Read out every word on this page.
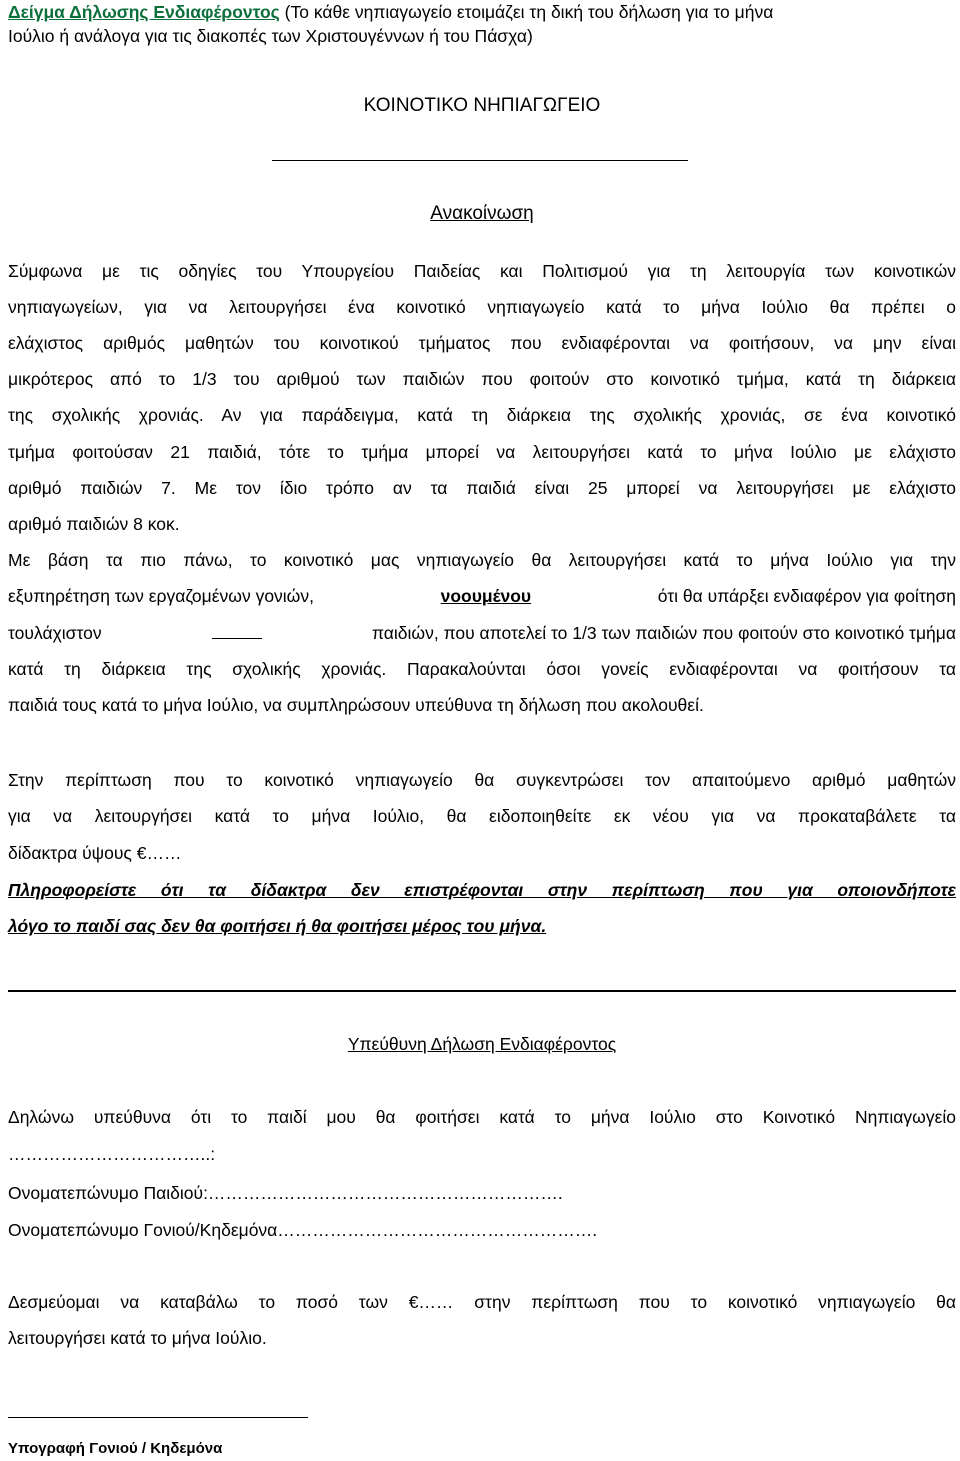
Δείγμα Δήλωσης Ενδιαφέροντος (Το κάθε νηπιαγωγείο ετοιμάζει τη δική του δήλωση για το μήνα
Ιούλιο ή ανάλογα για τις διακοπές των Χριστουγέννων ή του Πάσχα)
ΚΟΙΝΟΤΙΚΟ ΝΗΠΙΑΓΩΓΕΙΟ
Ανακοίνωση
Σύμφωνα με τις οδηγίες του Υπουργείου Παιδείας και Πολιτισμού για τη λειτουργία των κοινοτικών
νηπιαγωγείων, για να λειτουργήσει ένα κοινοτικό νηπιαγωγείο κατά το μήνα Ιούλιο θα πρέπει ο
ελάχιστος αριθμός μαθητών του κοινοτικού τμήματος που ενδιαφέρονται να φοιτήσουν, να μην είναι
μικρότερος από το 1/3 του αριθμού των παιδιών που φοιτούν στο κοινοτικό τμήμα, κατά τη διάρκεια
της σχολικής χρονιάς. Αν για παράδειγμα, κατά τη διάρκεια της σχολικής χρονιάς, σε ένα κοινοτικό
τμήμα φοιτούσαν 21 παιδιά, τότε το τμήμα μπορεί να λειτουργήσει κατά το μήνα Ιούλιο με ελάχιστο
αριθμό παιδιών 7. Με τον ίδιο τρόπο αν τα παιδιά είναι 25 μπορεί να λειτουργήσει με ελάχιστο
αριθμό παιδιών 8 κοκ.
Με βάση τα πιο πάνω, το κοινοτικό μας νηπιαγωγείο θα λειτουργήσει κατά το μήνα Ιούλιο για την
εξυπηρέτηση των εργαζομένων γονιών,	νοουμένου	ότι θα υπάρξει ενδιαφέρον για φοίτηση
τουλάχιστον	παιδιών, που αποτελεί το 1/3 των παιδιών που φοιτούν στο κοινοτικό τμήμα
κατά τη διάρκεια της σχολικής χρονιάς. Παρακαλούνται όσοι γονείς ενδιαφέρονται να φοιτήσουν τα
παιδιά τους κατά το μήνα Ιούλιο, να συμπληρώσουν υπεύθυνα τη δήλωση που ακολουθεί.
Στην περίπτωση που το κοινοτικό νηπιαγωγείο θα συγκεντρώσει τον απαιτούμενο αριθμό μαθητών
για να λειτουργήσει κατά το μήνα Ιούλιο, θα ειδοποιηθείτε εκ νέου για να προκαταβάλετε τα
δίδακτρα ύψους €……
Πληροφορείστε ότι τα δίδακτρα δεν επιστρέφονται στην περίπτωση που για οποιονδήποτε
λόγο το παιδί σας δεν θα φοιτήσει ή θα φοιτήσει μέρος του μήνα.
Υπεύθυνη Δήλωση Ενδιαφέροντος
Δηλώνω υπεύθυνα ότι το παιδί μου θα φοιτήσει κατά το μήνα Ιούλιο στο Κοινοτικό Νηπιαγωγείο
……………………………..:
Ονοματεπώνυμο Παιδιού:…………………………………………………….
Ονοματεπώνυμο Γονιού/Κηδεμόνα……………………………………………….
Δεσμεύομαι να καταβάλω το ποσό των €…… στην περίπτωση που το κοινοτικό νηπιαγωγείο θα
λειτουργήσει κατά το μήνα Ιούλιο.
Υπογραφή Γονιού / Κηδεμόνα
